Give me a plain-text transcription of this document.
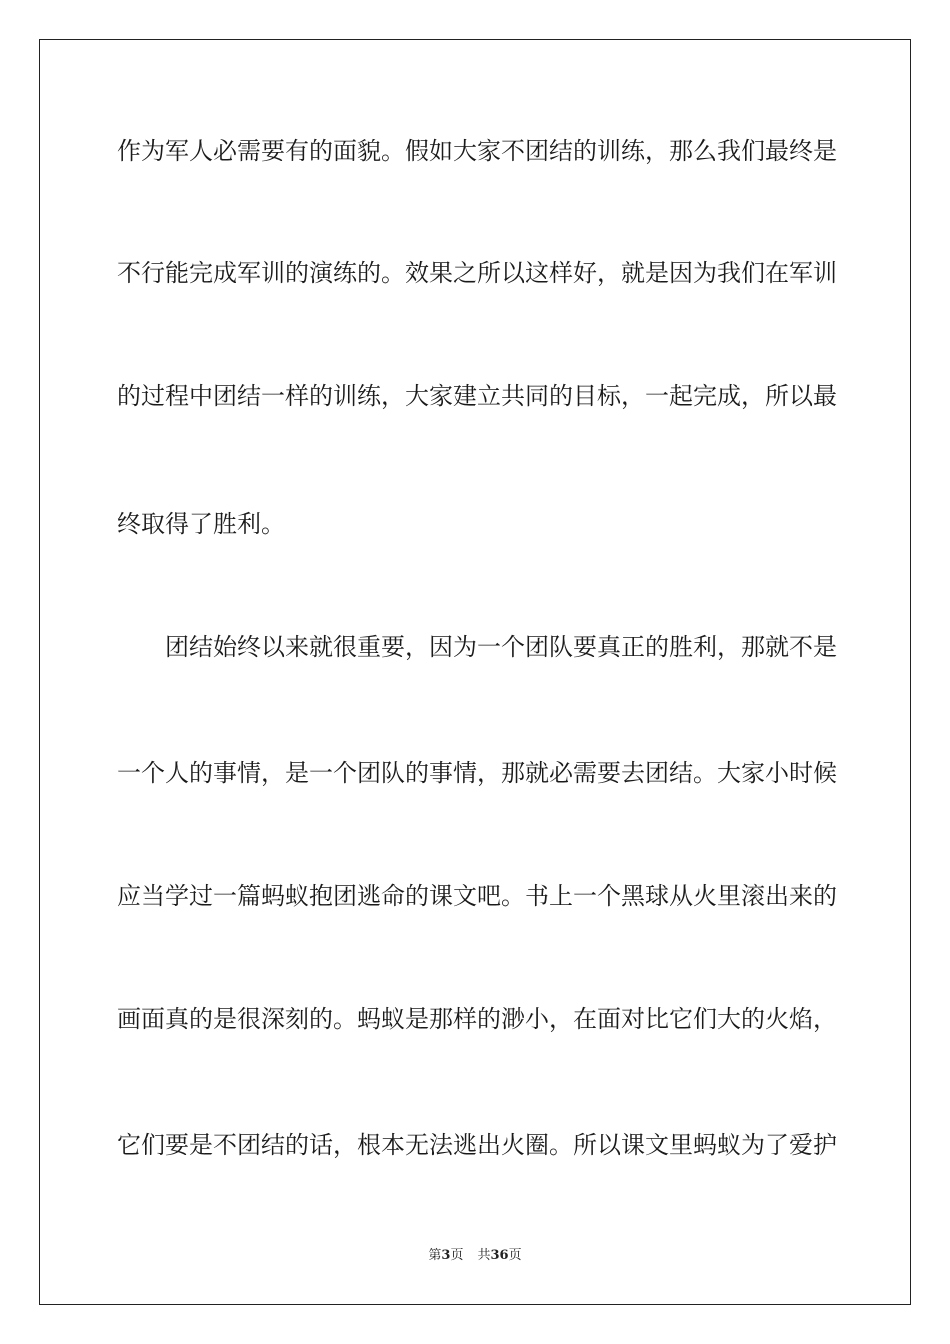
作为军人必需要有的面貌。假如大家不团结的训练，那么我们最终是
不行能完成军训的演练的。效果之所以这样好，就是因为我们在军训
的过程中团结一样的训练，大家建立共同的目标，一起完成，所以最
终取得了胜利。
团结始终以来就很重要，因为一个团队要真正的胜利，那就不是
一个人的事情，是一个团队的事情，那就必需要去团结。大家小时候
应当学过一篇蚂蚁抱团逃命的课文吧。书上一个黑球从火里滚出来的
画面真的是很深刻的。蚂蚁是那样的渺小，在面对比它们大的火焰，
它们要是不团结的话，根本无法逃出火圈。所以课文里蚂蚁为了爱护
第3页 共36页
